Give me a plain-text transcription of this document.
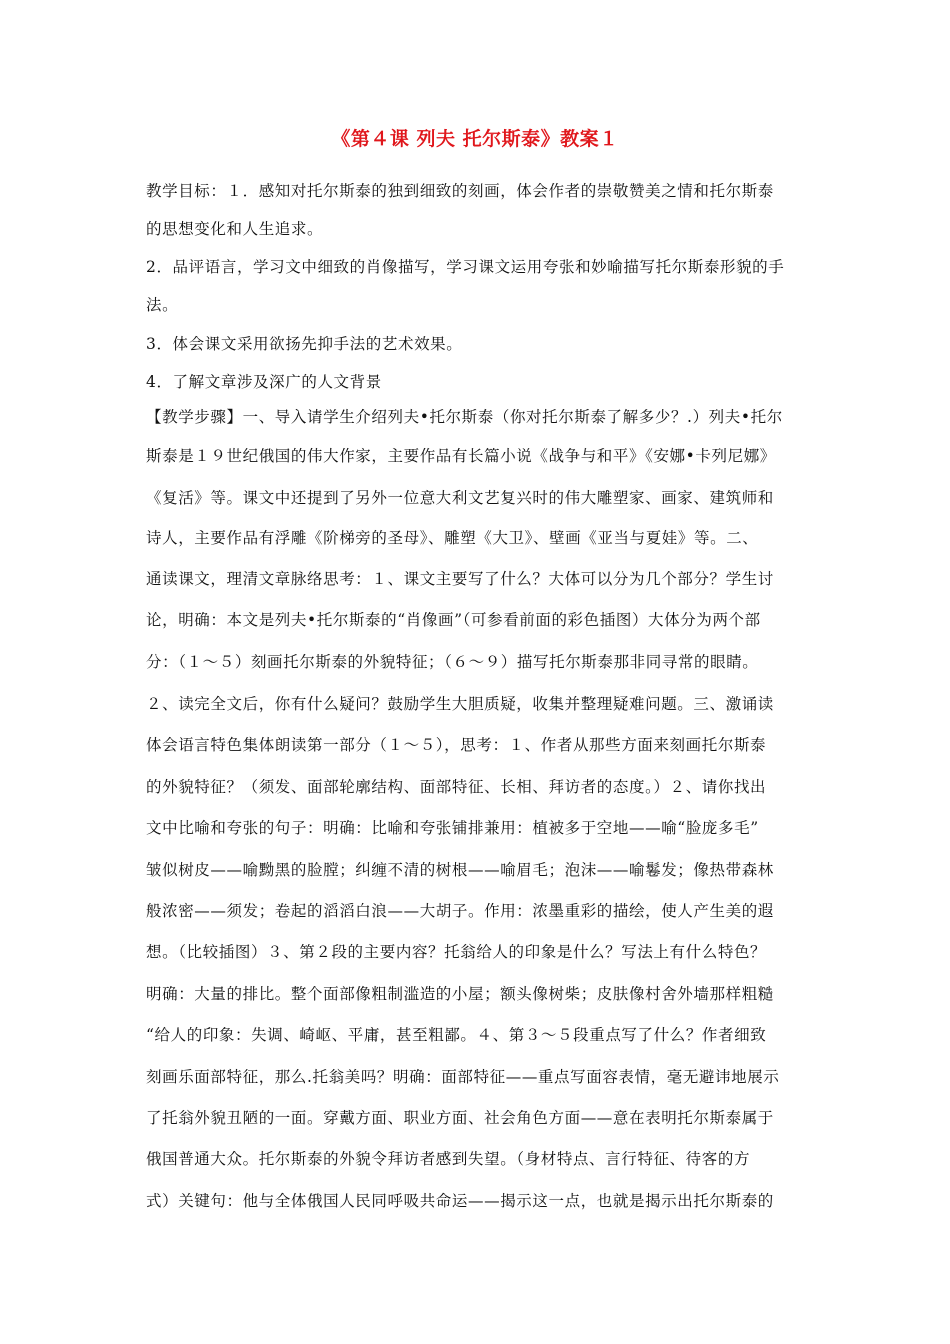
《第４课 列夫 托尔斯泰》教案１
教学目标：１．感知对托尔斯泰的独到细致的刻画，体会作者的崇敬赞美之情和托尔斯泰
的思想变化和人生追求。
2．品评语言，学习文中细致的肖像描写，学习课文运用夸张和妙喻描写托尔斯泰形貌的手
法。
3．体会课文采用欲扬先抑手法的艺术效果。
4．了解文章涉及深广的人文背景
【教学步骤】一、导入请学生介绍列夫•托尔斯泰（你对托尔斯泰了解多少？.）列夫•托尔
斯泰是１９世纪俄国的伟大作家，主要作品有长篇小说《战争与和平》《安娜•卡列尼娜》
《复活》等。课文中还提到了另外一位意大利文艺复兴时的伟大雕塑家、画家、建筑师和
诗人，主要作品有浮雕《阶梯旁的圣母》、雕塑《大卫》、壁画《亚当与夏娃》等。二、
通读课文，理清文章脉络思考：１、课文主要写了什么？大体可以分为几个部分？学生讨
论，明确：本文是列夫•托尔斯泰的“肖像画”（可参看前面的彩色插图）大体分为两个部
分：（１～５）刻画托尔斯泰的外貌特征；（６～９）描写托尔斯泰那非同寻常的眼睛。
２、读完全文后，你有什么疑问？鼓励学生大胆质疑，收集并整理疑难问题。三、激诵读
体会语言特色集体朗读第一部分（１～５），思考：１、作者从那些方面来刻画托尔斯泰
的外貌特征？（须发、面部轮廓结构、面部特征、长相、拜访者的态度。）２、请你找出
文中比喻和夸张的句子：明确：比喻和夸张铺排兼用：植被多于空地——喻“脸庞多毛”
皱似树皮——喻黝黑的脸膛；纠缠不清的树根——喻眉毛；泡沫——喻鬈发；像热带森林
般浓密——须发；卷起的滔滔白浪——大胡子。作用：浓墨重彩的描绘，使人产生美的遐
想。（比较插图）３、第２段的主要内容？托翁给人的印象是什么？写法上有什么特色？
明确：大量的排比。整个面部像粗制滥造的小屋；额头像树柴；皮肤像村舍外墙那样粗糙
“给人的印象：失调、崎岖、平庸，甚至粗鄙。４、第３～５段重点写了什么？作者细致
刻画乐面部特征，那么.托翁美吗？明确：面部特征——重点写面容表情，毫无避讳地展示
了托翁外貌丑陋的一面。穿戴方面、职业方面、社会角色方面——意在表明托尔斯泰属于
俄国普通大众。托尔斯泰的外貌令拜访者感到失望。（身材特点、言行特征、待客的方
式）关键句：他与全体俄国人民同呼吸共命运——揭示这一点，也就是揭示出托尔斯泰的
